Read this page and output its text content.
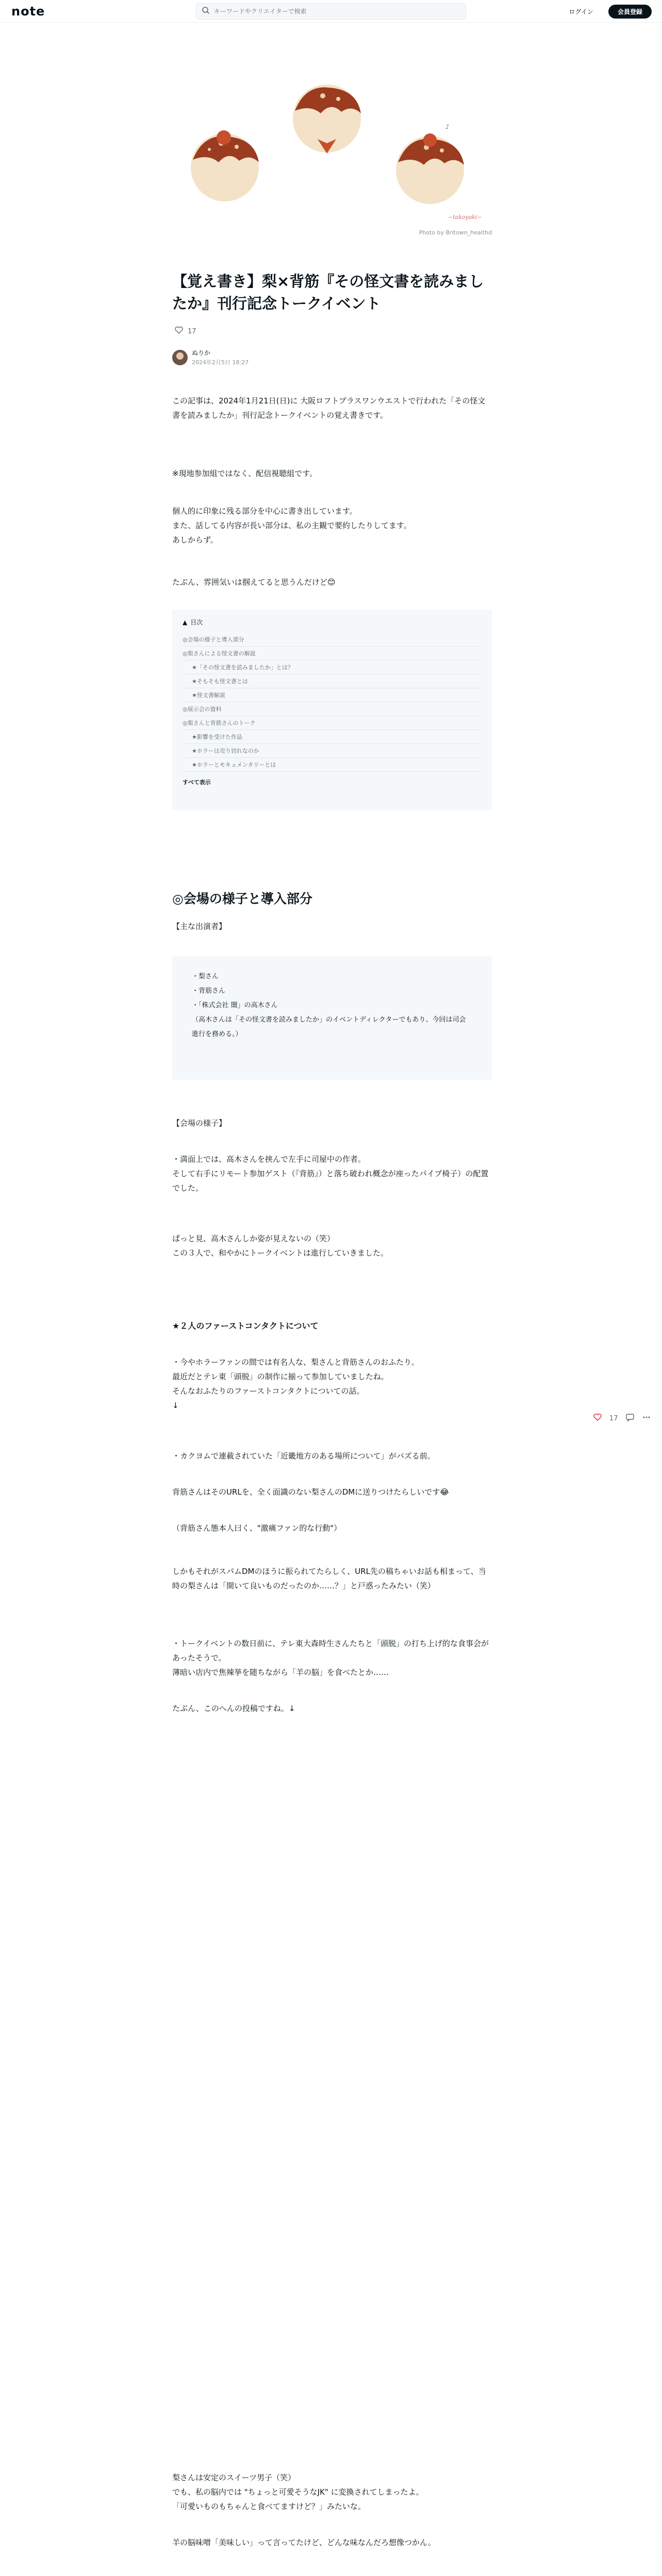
note
キーワードやクリエイターで検索	ログイン	会員登録
♪
~takoyaki~
Photo by Britown_healthd
【覚え書き】梨×背筋『その怪文書を読みましたか』刊行記念トークイベント
17
ぬりか
2024年2月5日 18:27
この記事は、2024年1月21日(日)に 大阪ロフトプラスワンウエストで行われた「その怪文書を読みましたか」刊行記念トークイベントの覚え書きです。
※現地参加組ではなく、配信視聴組です。
個人的に印象に残る部分を中心に書き出しています。
また、話してる内容が長い部分は、私の主観で要約したりしてます。
あしからず。
たぶん、雰囲気いは掴えてると思うんだけど😊
▲ 目次
◎会場の様子と導入部分
◎梨さんによる怪文書の解説
★「その怪文書を読みましたか」とは？
★そもそも怪文書とは
★怪文書解説
◎展示会の資料
◎梨さんと背筋さんのトーク
★影響を受けた作品
★ホラーは売り切れなのか
★ホラーとモキュメンタリーとは
すべて表示
◎会場の様子と導入部分
【主な出演者】
・梨さん
・背筋さん
・「株式会社 闇」の高木さん
（高木さんは「その怪文書を読みましたか」のイベントディレクターでもあり、今回は司会進行を務める。）
【会場の様子】
・満面上では、高木さんを挟んで左手に司屋中の作者。
そして右手にリモート参加ゲスト（『背筋』）と落ち破われ概念が座ったパイプ椅子）の配置でした。
ぱっと見、高木さんしか姿が見えないの（笑）
この３人で、和やかにトークイベントは進行していきました。
★２人のファーストコンタクトについて
・今やホラーファンの間では有名人な、梨さんと背筋さんのおふたり。
最近だとテレ東「頭脱」の制作に揃って参加していましたね。
そんなおふたりのファーストコンタクトについての話。
↓
・カクヨムで連載されていた「近畿地方のある場所について」がバズる前。
背筋さんはそのURLを、全く面識のない梨さんのDMに送りつけたらしいです😂
（背筋さん態本人曰く、"激痛ファン的な行動"）
しかもそれがスパムDMのほうに振られてたらしく、URL先の稿ちゃいお話も相まって、当時の梨さんは「開いて良いものだったのか……？」と戸惑ったみたい（笑）
・トークイベントの数日前に、テレ東大森時生さんたちと「頭脱」の打ち上げ的な食事会があったそうで。
薄暗い店内で焦辣挙を随ちながら「羊の脳」を食べたとか……
たぶん、このへんの投稿ですね。↓
梨さんは安定のスイーツ男子（笑）
でも、私の脳内では "ちょっと可愛そうなJK" に変換されてしまったよ。
「可愛いものもちゃんと食べてますけど？」みたいな。
羊の脳味噌「美味しい」って言ってたけど、どんな味なんだろ想像つかん。
17
